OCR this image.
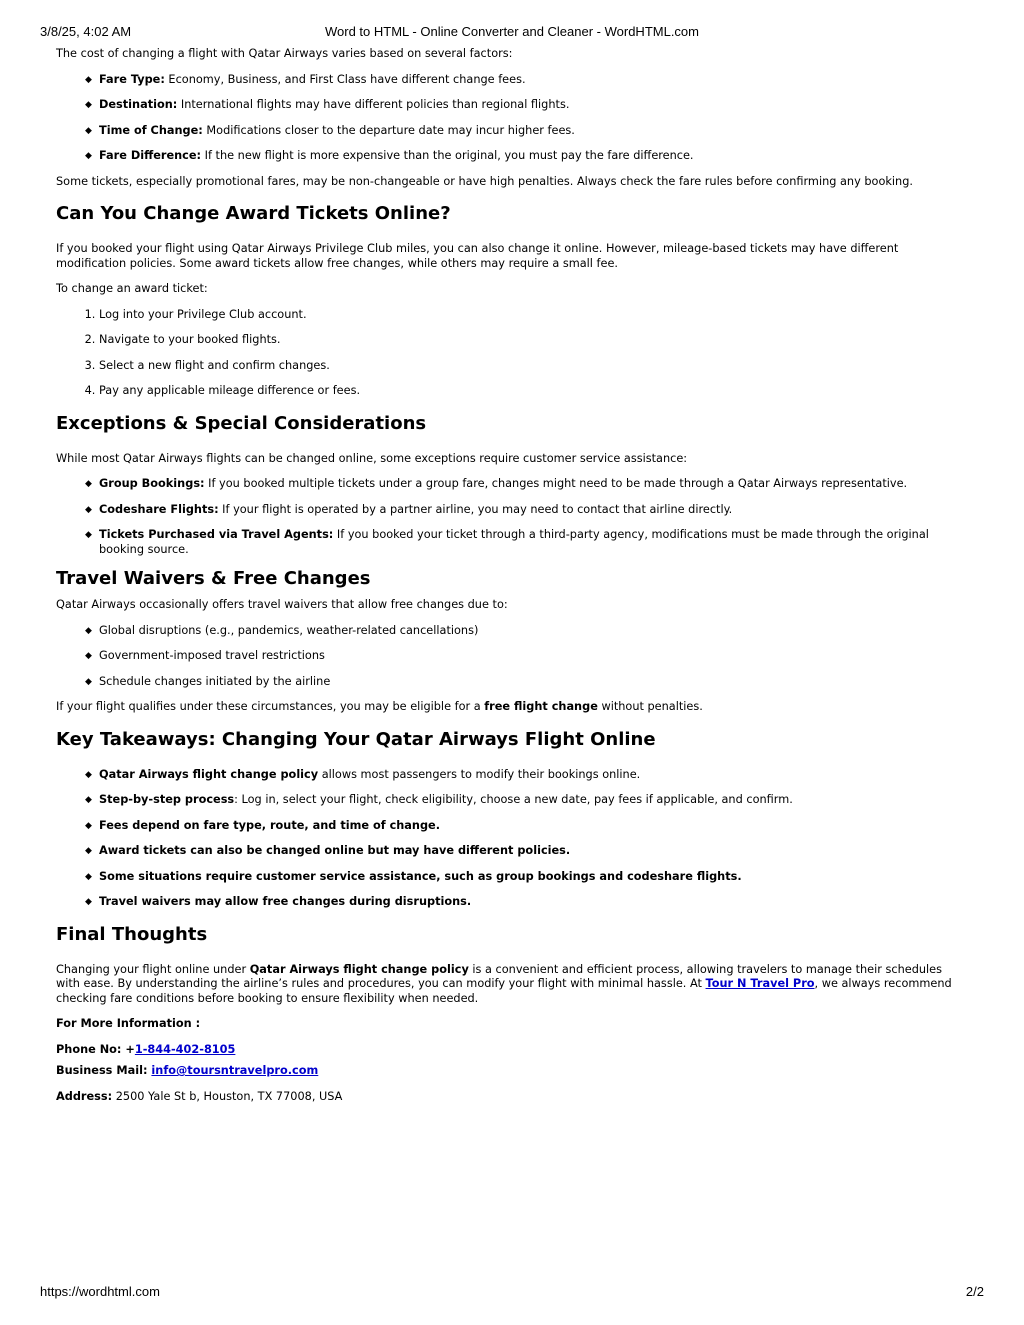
3/8/25, 4:02 AM	Word to HTML - Online Converter and Cleaner - WordHTML.com

The cost of changing a flight with Qatar Airways varies based on several factors:

◆ Fare Type: Economy, Business, and First Class have different change fees.
◆ Destination: International flights may have different policies than regional flights.
◆ Time of Change: Modifications closer to the departure date may incur higher fees.
◆ Fare Difference: If the new flight is more expensive than the original, you must pay the fare difference.

Some tickets, especially promotional fares, may be non-changeable or have high penalties. Always check the fare rules before confirming any booking.

Can You Change Award Tickets Online?

If you booked your flight using Qatar Airways Privilege Club miles, you can also change it online. However, mileage-based tickets may have different modification policies. Some award tickets allow free changes, while others may require a small fee.

To change an award ticket:

1. Log into your Privilege Club account.
2. Navigate to your booked flights.
3. Select a new flight and confirm changes.
4. Pay any applicable mileage difference or fees.
Exceptions & Special Considerations

While most Qatar Airways flights can be changed online, some exceptions require customer service assistance:

◆ Group Bookings: If you booked multiple tickets under a group fare, changes might need to be made through a Qatar Airways representative.
◆ Codeshare Flights: If your flight is operated by a partner airline, you may need to contact that airline directly.
◆ Tickets Purchased via Travel Agents: If you booked your ticket through a third-party agency, modifications must be made through the original booking source.
Travel Waivers & Free Changes

Qatar Airways occasionally offers travel waivers that allow free changes due to:

◆ Global disruptions (e.g., pandemics, weather-related cancellations)
◆ Government-imposed travel restrictions
◆ Schedule changes initiated by the airline

If your flight qualifies under these circumstances, you may be eligible for a free flight change without penalties.

Key Takeaways: Changing Your Qatar Airways Flight Online
◆ Qatar Airways flight change policy allows most passengers to modify their bookings online.
◆ Step-by-step process: Log in, select your flight, check eligibility, choose a new date, pay fees if applicable, and confirm.
◆ Fees depend on fare type, route, and time of change.
◆ Award tickets can also be changed online but may have different policies.
◆ Some situations require customer service assistance, such as group bookings and codeshare flights.
◆ Travel waivers may allow free changes during disruptions.
Final Thoughts

Changing your flight online under Qatar Airways flight change policy is a convenient and efficient process, allowing travelers to manage their schedules with ease. By understanding the airline’s rules and procedures, you can modify your flight with minimal hassle. At Tour N Travel Pro, we always recommend checking fare conditions before booking to ensure flexibility when needed.

For More Information :

Phone No: +1-844-402-8105

Business Mail: info@toursntravelpro.com

Address: 2500 Yale St b, Houston, TX 77008, USA

https://wordhtml.com	2/2
